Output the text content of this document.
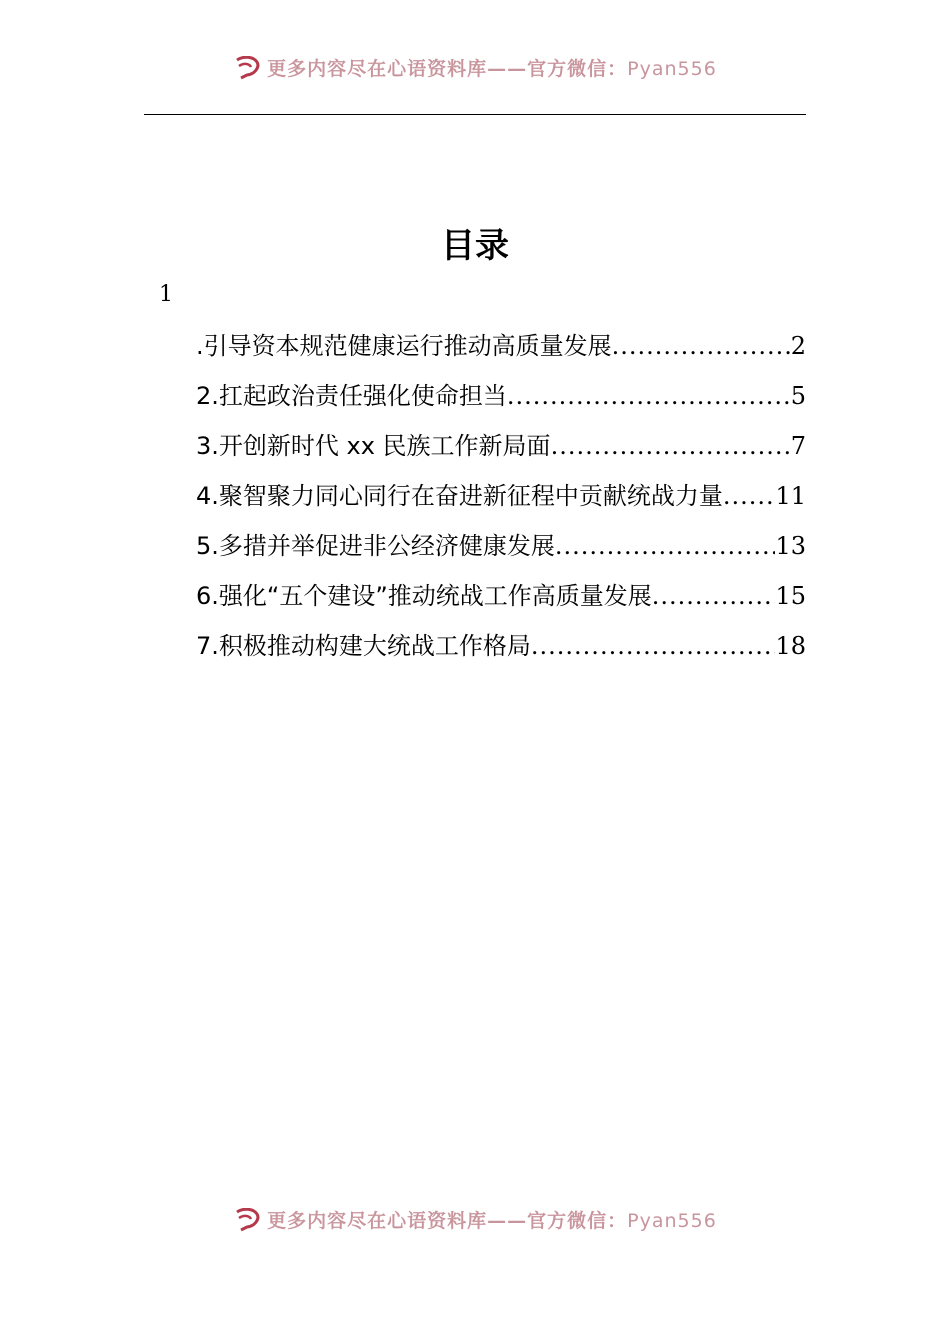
更多内容尽在心语资料库——官方微信：Pyan556
目录
1
.引导资本规范健康运行推动高质量发展 .....	2
2.扛起政治责任强化使命担当 .....	5
3.开创新时代 xx 民族工作新局面 .....	7
4.聚智聚力同心同行在奋进新征程中贡献统战力量 ..... 11
5.多措并举促进非公经济健康发展 .....	13
6.强化“五个建设”推动统战工作高质量发展 .....	15
7.积极推动构建大统战工作格局 .....	18
更多内容尽在心语资料库——官方微信：Pyan556
